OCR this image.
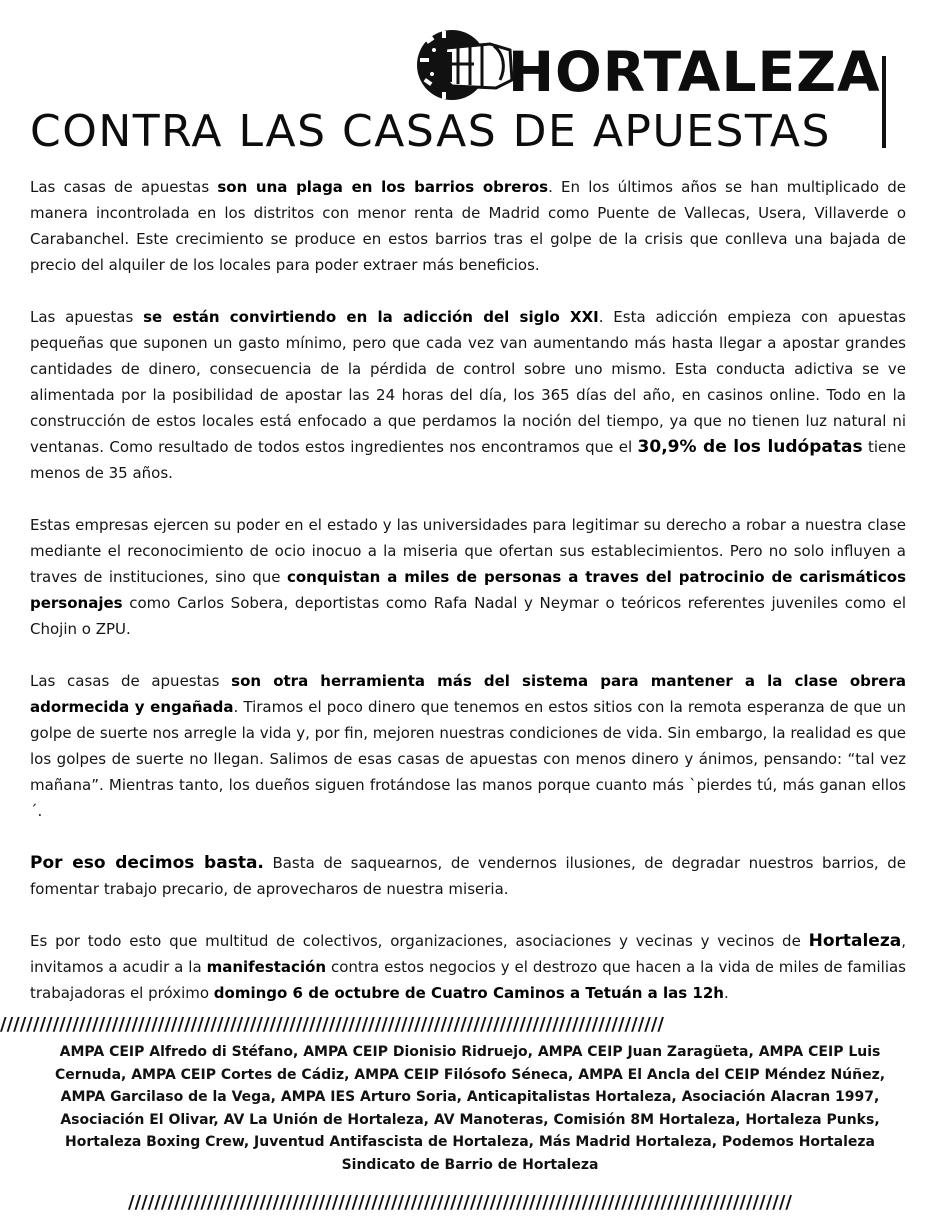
HORTALEZA
CONTRA LAS CASAS DE APUESTAS

Las casas de apuestas son una plaga en los barrios obreros. En los últimos años se han multiplicado de manera incontrolada en los distritos con menor renta de Madrid como Puente de Vallecas, Usera, Villaverde o Carabanchel. Este crecimiento se produce en estos barrios tras el golpe de la crisis que conlleva una bajada de precio del alquiler de los locales para poder extraer más beneficios.

Las apuestas se están convirtiendo en la adicción del siglo XXI. Esta adicción empieza con apuestas pequeñas que suponen un gasto mínimo, pero que cada vez van aumentando más hasta llegar a apostar grandes cantidades de dinero, consecuencia de la pérdida de control sobre uno mismo. Esta conducta adictiva se ve alimentada por la posibilidad de apostar las 24 horas del día, los 365 días del año, en casinos online. Todo en la construcción de estos locales está enfocado a que perdamos la noción del tiempo, ya que no tienen luz natural ni ventanas. Como resultado de todos estos ingredientes nos encontramos que el 30,9% de los ludópatas tiene menos de 35 años.

Estas empresas ejercen su poder en el estado y las universidades para legitimar su derecho a robar a nuestra clase mediante el reconocimiento de ocio inocuo a la miseria que ofertan sus establecimientos. Pero no solo influyen a traves de instituciones, sino que conquistan a miles de personas a traves del patrocinio de carismáticos personajes como Carlos Sobera, deportistas como Rafa Nadal y Neymar o teóricos referentes juveniles como el Chojin o ZPU.

Las casas de apuestas son otra herramienta más del sistema para mantener a la clase obrera adormecida y engañada. Tiramos el poco dinero que tenemos en estos sitios con la remota esperanza de que un golpe de suerte nos arregle la vida y, por fin, mejoren nuestras condiciones de vida. Sin embargo, la realidad es que los golpes de suerte no llegan. Salimos de esas casas de apuestas con menos dinero y ánimos, pensando: “tal vez mañana”. Mientras tanto, los dueños siguen frotándose las manos porque cuanto más `pierdes tú, más ganan ellos´.

Por eso decimos basta. Basta de saquearnos, de vendernos ilusiones, de degradar nuestros barrios, de fomentar trabajo precario, de aprovecharos de nuestra miseria.

Es por todo esto que multitud de colectivos, organizaciones, asociaciones y vecinas y vecinos de Hortaleza, invitamos a acudir a la manifestación contra estos negocios y el destrozo que hacen a la vida de miles de familias trabajadoras el próximo domingo 6 de octubre de Cuatro Caminos a Tetuán a las 12h.

/////////////////////////////////////////////////////////////////////////////////////////////////////
AMPA CEIP Alfredo di Stéfano, AMPA CEIP Dionisio Ridruejo, AMPA CEIP Juan Zaragüeta, AMPA CEIP Luis
Cernuda, AMPA CEIP Cortes de Cádiz, AMPA CEIP Filósofo Séneca, AMPA El Ancla del CEIP Méndez Núñez,
AMPA Garcilaso de la Vega, AMPA IES Arturo Soria, Anticapitalistas Hortaleza, Asociación Alacran 1997,
Asociación El Olivar, AV La Unión de Hortaleza, AV Manoteras, Comisión 8M Hortaleza, Hortaleza Punks,
Hortaleza Boxing Crew, Juventud Antifascista de Hortaleza, Más Madrid Hortaleza, Podemos Hortaleza
Sindicato de Barrio de Hortaleza
/////////////////////////////////////////////////////////////////////////////////////////////////////
